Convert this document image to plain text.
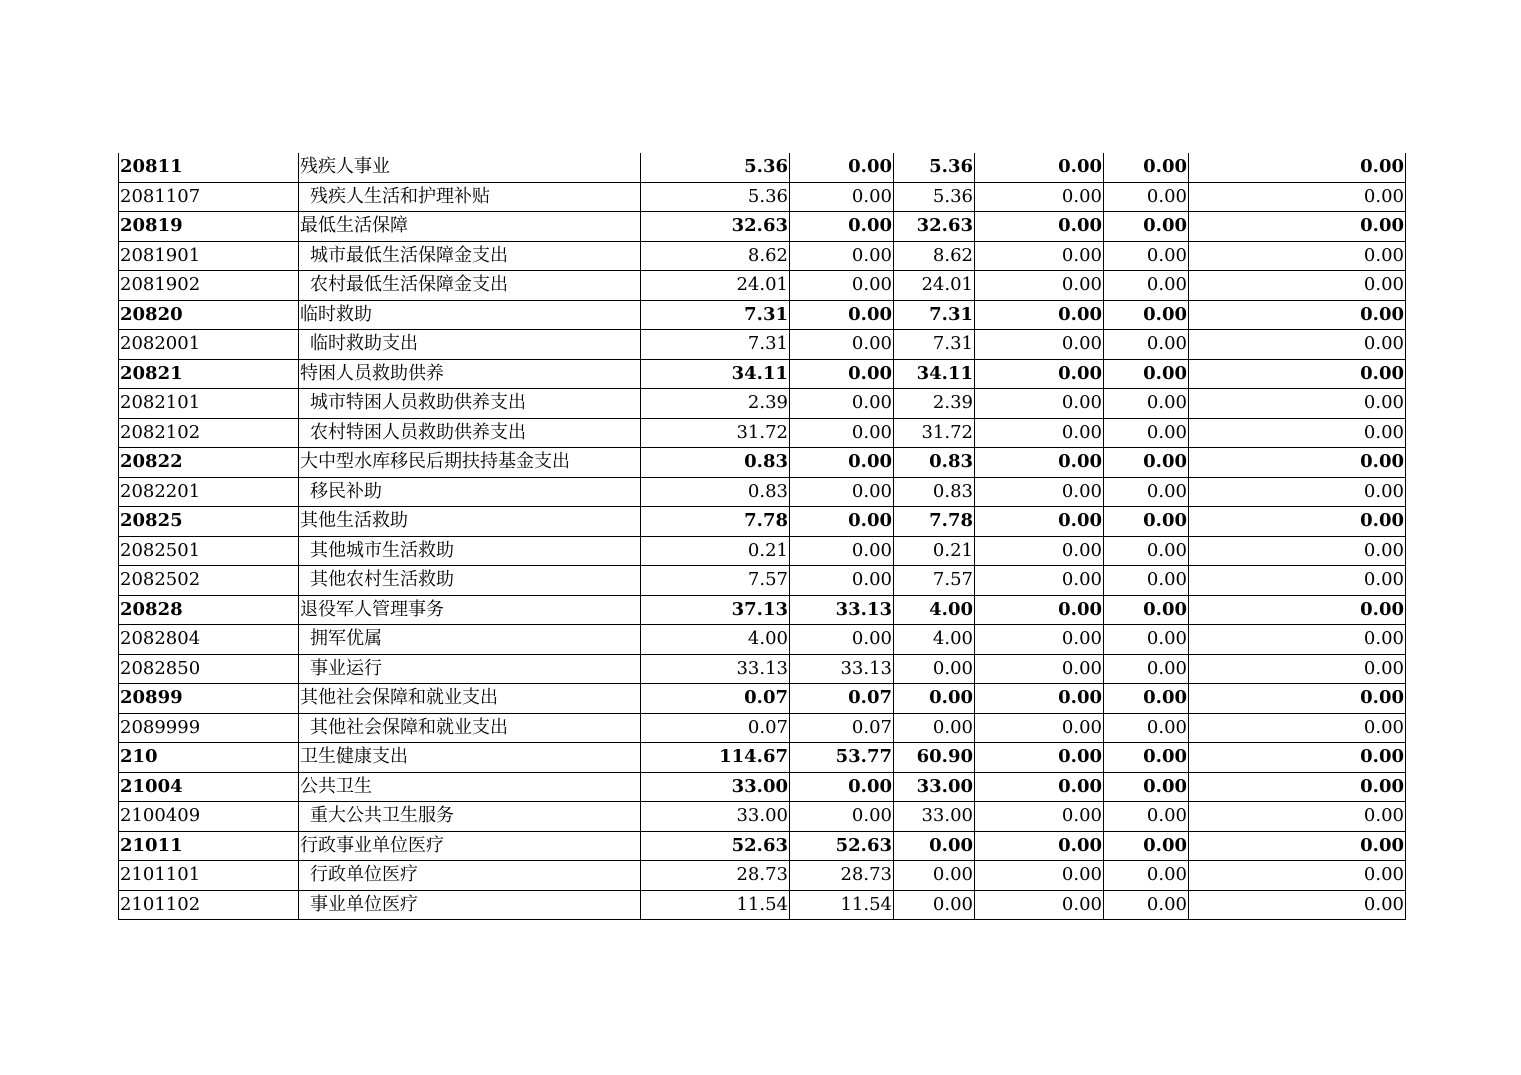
20811	残疾人事业	5.36	0.00	5.36	0.00	0.00	0.00
2081107	残疾人生活和护理补贴	5.36	0.00	5.36	0.00	0.00	0.00
20819	最低生活保障	32.63	0.00	32.63	0.00	0.00	0.00
2081901	城市最低生活保障金支出	8.62	0.00	8.62	0.00	0.00	0.00
2081902	农村最低生活保障金支出	24.01	0.00	24.01	0.00	0.00	0.00
20820	临时救助	7.31	0.00	7.31	0.00	0.00	0.00
2082001	临时救助支出	7.31	0.00	7.31	0.00	0.00	0.00
20821	特困人员救助供养	34.11	0.00	34.11	0.00	0.00	0.00
2082101	城市特困人员救助供养支出	2.39	0.00	2.39	0.00	0.00	0.00
2082102	农村特困人员救助供养支出	31.72	0.00	31.72	0.00	0.00	0.00
20822	大中型水库移民后期扶持基金支出	0.83	0.00	0.83	0.00	0.00	0.00
2082201	移民补助	0.83	0.00	0.83	0.00	0.00	0.00
20825	其他生活救助	7.78	0.00	7.78	0.00	0.00	0.00
2082501	其他城市生活救助	0.21	0.00	0.21	0.00	0.00	0.00
2082502	其他农村生活救助	7.57	0.00	7.57	0.00	0.00	0.00
20828	退役军人管理事务	37.13	33.13	4.00	0.00	0.00	0.00
2082804	拥军优属	4.00	0.00	4.00	0.00	0.00	0.00
2082850	事业运行	33.13	33.13	0.00	0.00	0.00	0.00
20899	其他社会保障和就业支出	0.07	0.07	0.00	0.00	0.00	0.00
2089999	其他社会保障和就业支出	0.07	0.07	0.00	0.00	0.00	0.00
210	卫生健康支出	114.67	53.77	60.90	0.00	0.00	0.00
21004	公共卫生	33.00	0.00	33.00	0.00	0.00	0.00
2100409	重大公共卫生服务	33.00	0.00	33.00	0.00	0.00	0.00
21011	行政事业单位医疗	52.63	52.63	0.00	0.00	0.00	0.00
2101101	行政单位医疗	28.73	28.73	0.00	0.00	0.00	0.00
2101102	事业单位医疗	11.54	11.54	0.00	0.00	0.00	0.00
